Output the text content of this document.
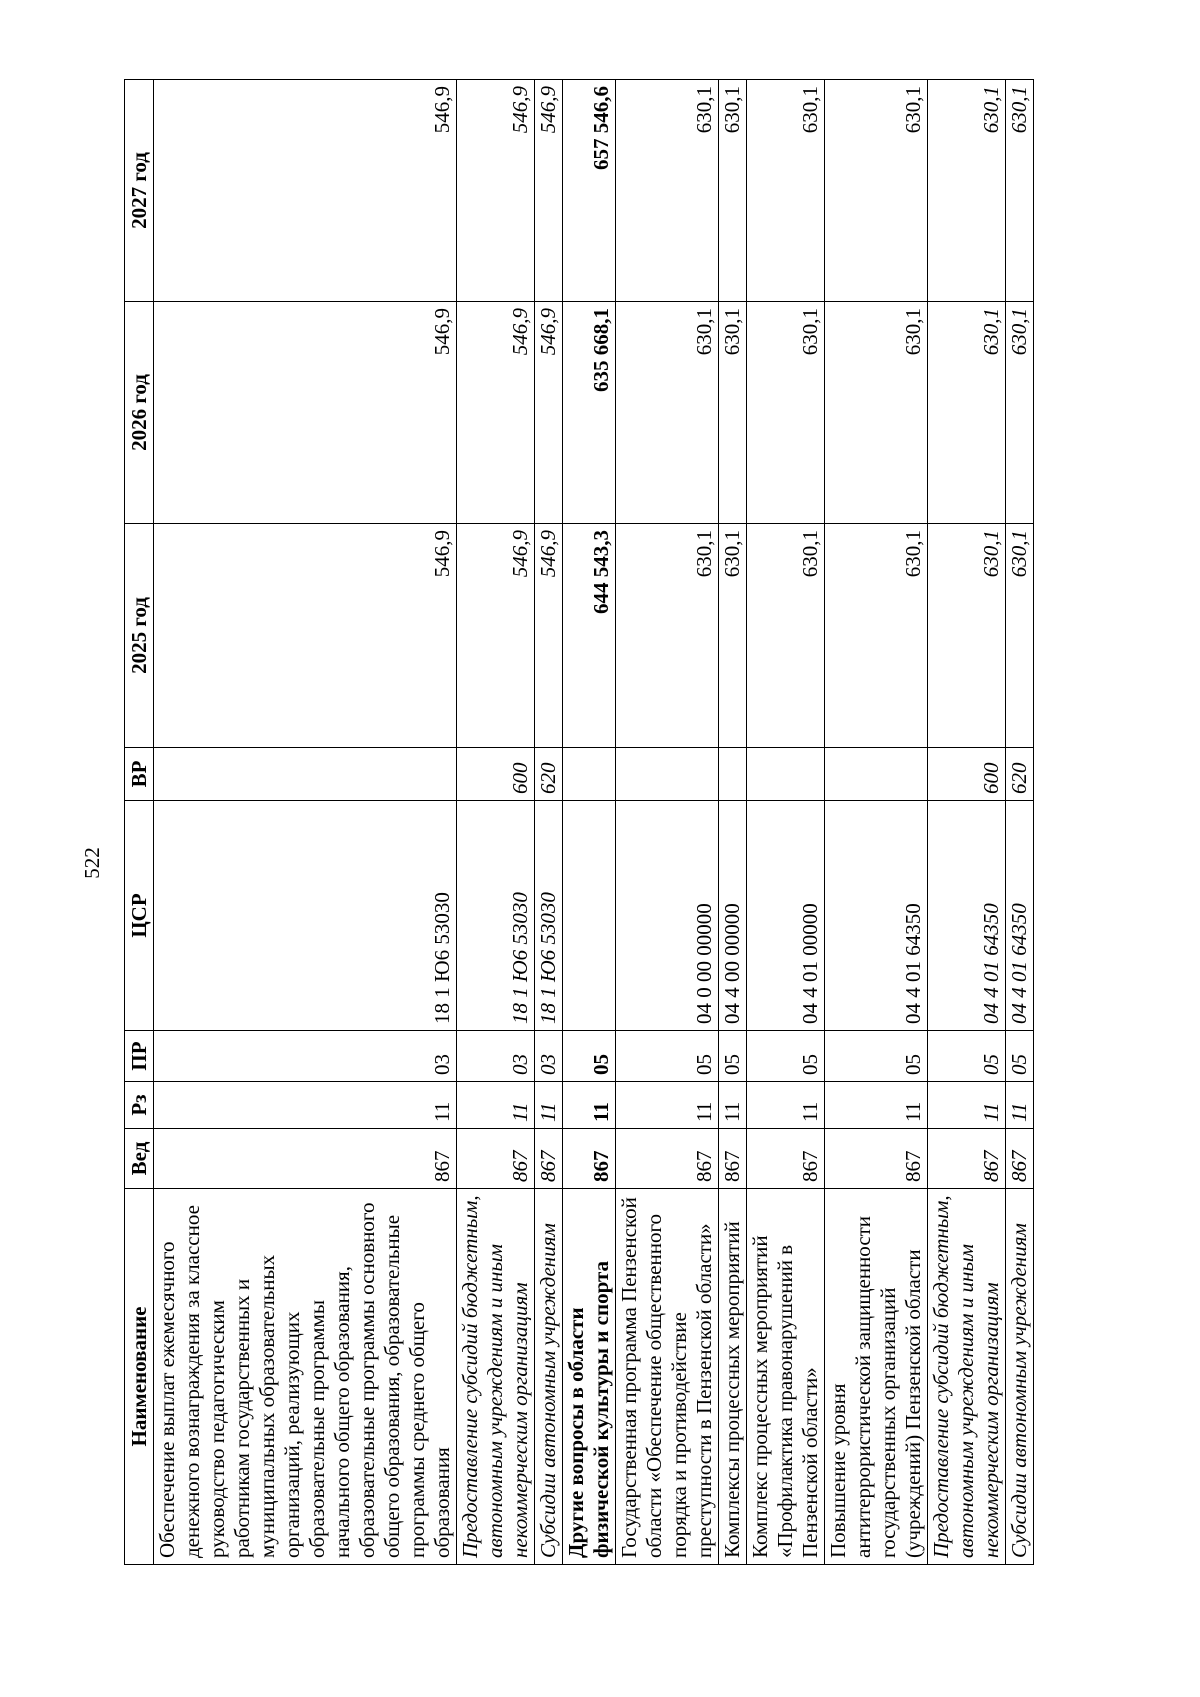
522
Наименование	Вед	Рз	ПР	ЦСР	ВР	2025 год	2026 год	2027 год
Обеспечение выплат ежемесячного денежного вознаграждения за классное руководство педагогическим работникам государственных и муниципальных образовательных организаций, реализующих образовательные программы начального общего образования, образовательные программы основного общего образования, образовательные программы среднего общего образования	867	11	03	18 1 Ю6 53030		546,9	546,9	546,9
Предоставление субсидий бюджетным, автономным учреждениям и иным некоммерческим организациям	867	11	03	18 1 Ю6 53030	600	546,9	546,9	546,9
Субсидии автономным учреждениям	867	11	03	18 1 Ю6 53030	620	546,9	546,9	546,9
Другие вопросы в области физической культуры и спорта	867	11	05			644 543,3	635 668,1	657 546,6
Государственная программа Пензенской области «Обеспечение общественного порядка и противодействие преступности в Пензенской области»	867	11	05	04 0 00 00000		630,1	630,1	630,1
Комплексы процессных мероприятий	867	11	05	04 4 00 00000		630,1	630,1	630,1
Комплекс процессных мероприятий «Профилактика правонарушений в Пензенской области»	867	11	05	04 4 01 00000		630,1	630,1	630,1
Повышение уровня антитеррористической защищенности государственных организаций (учреждений) Пензенской области	867	11	05	04 4 01 64350		630,1	630,1	630,1
Предоставление субсидий бюджетным, автономным учреждениям и иным некоммерческим организациям	867	11	05	04 4 01 64350	600	630,1	630,1	630,1
Субсидии автономным учреждениям	867	11	05	04 4 01 64350	620	630,1	630,1	630,1
